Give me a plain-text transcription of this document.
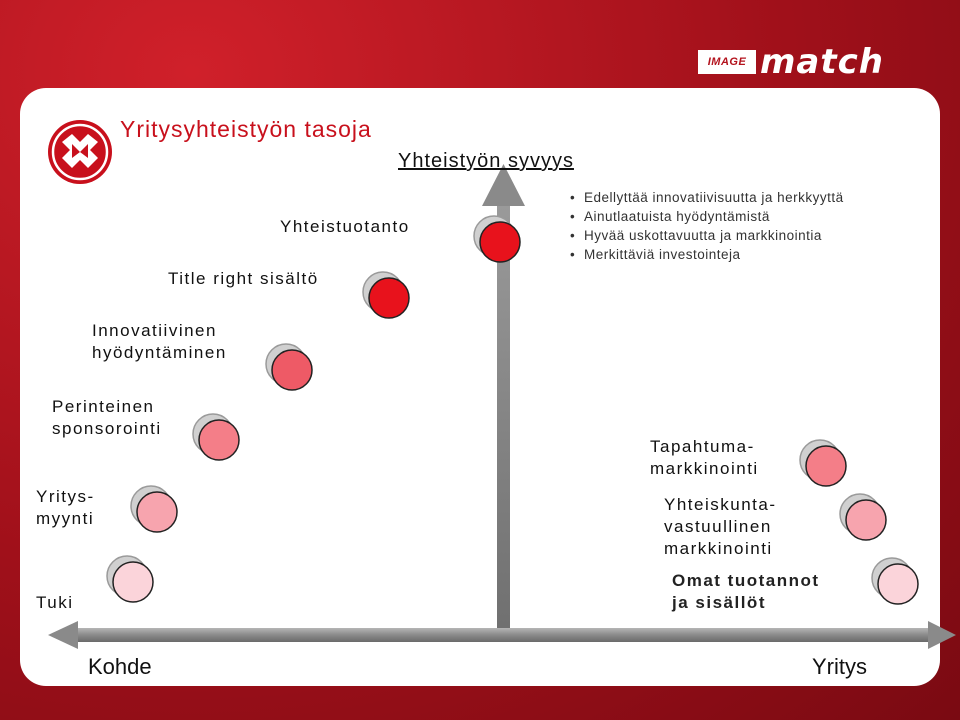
IMAGE match
Yritysyhteistyön tasoja
Yhteistyön syvyys
Yhteistuotanto
Title right sisältö
Innovatiivinen
hyödyntäminen
Perinteinen
sponsorointi
Yritys-
myynti
Tuki
Tapahtuma-
markkinointi
Yhteiskunta-
vastuullinen
markkinointi
Omat tuotannot
ja sisällöt
• Edellyttää innovatiivisuutta ja herkkyyttä
• Ainutlaatuista hyödyntämistä
• Hyvää uskottavuutta ja markkinointia
• Merkittäviä investointeja
Kohde	Yritys
